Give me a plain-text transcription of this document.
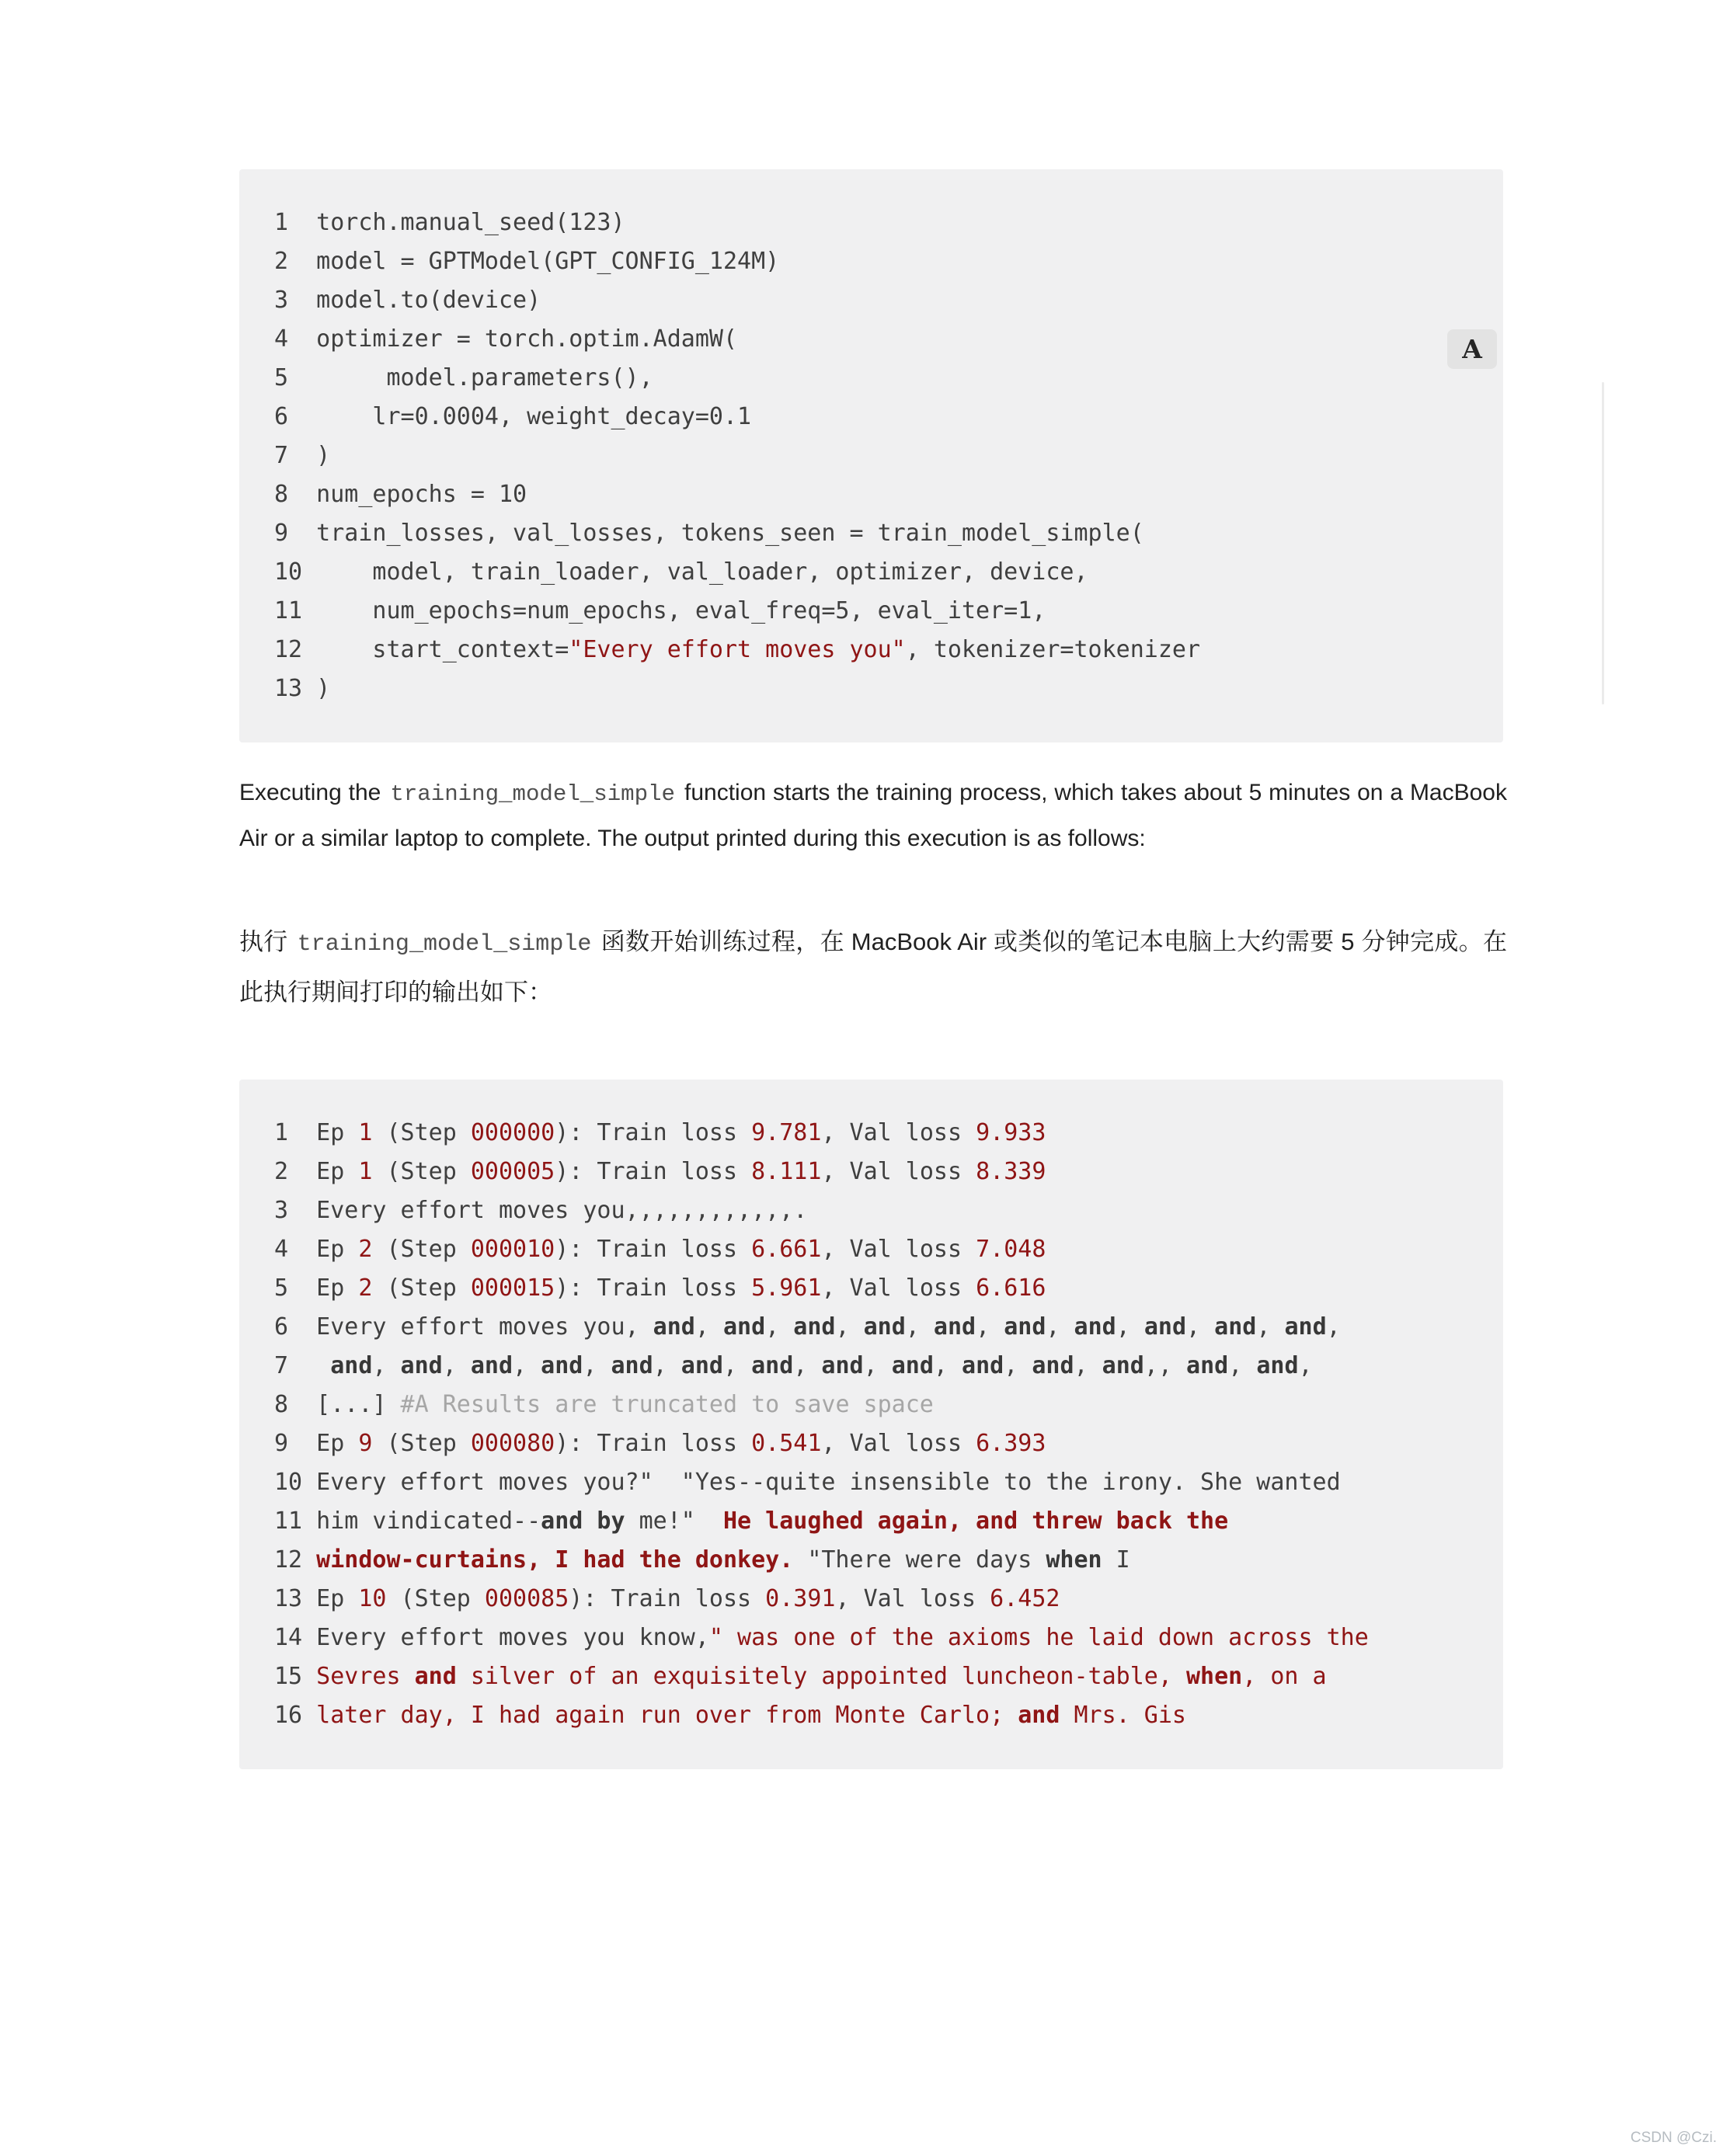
1	torch.manual_seed(123)
2	model = GPTModel(GPT_CONFIG_124M)
3	model.to(device)
4	optimizer = torch.optim.AdamW(
5	model.parameters(),
6	lr=0.0004, weight_decay=0.1
7	)
8	num_epochs = 10
9	train_losses, val_losses, tokens_seen = train_model_simple(
10 model, train_loader, val_loader, optimizer, device,
11 num_epochs=num_epochs, eval_freq=5, eval_iter=1,
12 start_context="Every effort moves you", tokenizer=tokenizer
13 )
A

Executing the training_model_simple function starts the training process, which takes about 5 minutes on a MacBook Air or a similar laptop to complete. The output printed during this execution is as follows:

执行 training_model_simple 函数开始训练过程，在 MacBook Air 或类似的笔记本电脑上大约需要 5 分钟完成。在此执行期间打印的输出如下：

1	Ep 1 (Step 000000): Train loss 9.781, Val loss 9.933
2	Ep 1 (Step 000005): Train loss 8.111, Val loss 8.339
3	Every effort moves you,,,,,,,,,,,,.
4	Ep 2 (Step 000010): Train loss 6.661, Val loss 7.048
5	Ep 2 (Step 000015): Train loss 5.961, Val loss 6.616
6	Every effort moves you, and, and, and, and, and, and, and, and, and, and,
7	and, and, and, and, and, and, and, and, and, and, and, and,, and, and,
8	[...] #A Results are truncated to save space
9	Ep 9 (Step 000080): Train loss 0.541, Val loss 6.393
10 Every effort moves you?"  "Yes--quite insensible to the irony. She wanted
11 him vindicated--and by me!"  He laughed again, and threw back the
12 window-curtains, I had the donkey. "There were days when I
13 Ep 10 (Step 000085): Train loss 0.391, Val loss 6.452
14 Every effort moves you know," was one of the axioms he laid down across the
15 Sevres and silver of an exquisitely appointed luncheon-table, when, on a
16 later day, I had again run over from Monte Carlo; and Mrs. Gis
CSDN @Czi.
